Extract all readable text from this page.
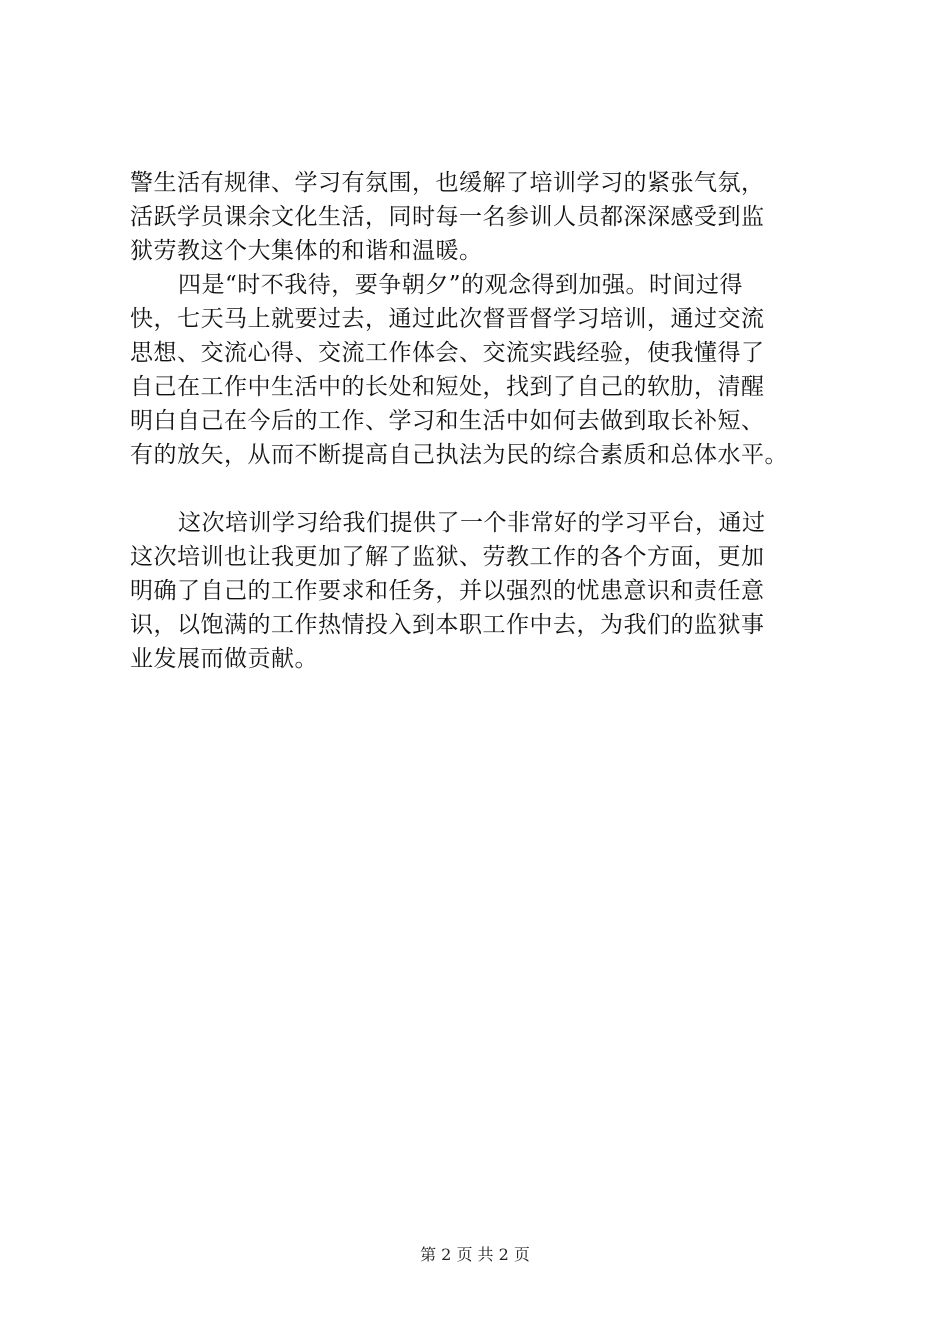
警生活有规律、学习有氛围，也缓解了培训学习的紧张气氛，
活跃学员课余文化生活，同时每一名参训人员都深深感受到监
狱劳教这个大集体的和谐和温暖。
四是“时不我待，要争朝夕”的观念得到加强。时间过得
快，七天马上就要过去，通过此次督晋督学习培训，通过交流
思想、交流心得、交流工作体会、交流实践经验，使我懂得了
自己在工作中生活中的长处和短处，找到了自己的软肋，清醒
明白自己在今后的工作、学习和生活中如何去做到取长补短、
有的放矢，从而不断提高自己执法为民的综合素质和总体水平。
这次培训学习给我们提供了一个非常好的学习平台，通过
这次培训也让我更加了解了监狱、劳教工作的各个方面，更加
明确了自己的工作要求和任务，并以强烈的忧患意识和责任意
识，以饱满的工作热情投入到本职工作中去，为我们的监狱事
业发展而做贡献。
第 2 页 共 2 页
